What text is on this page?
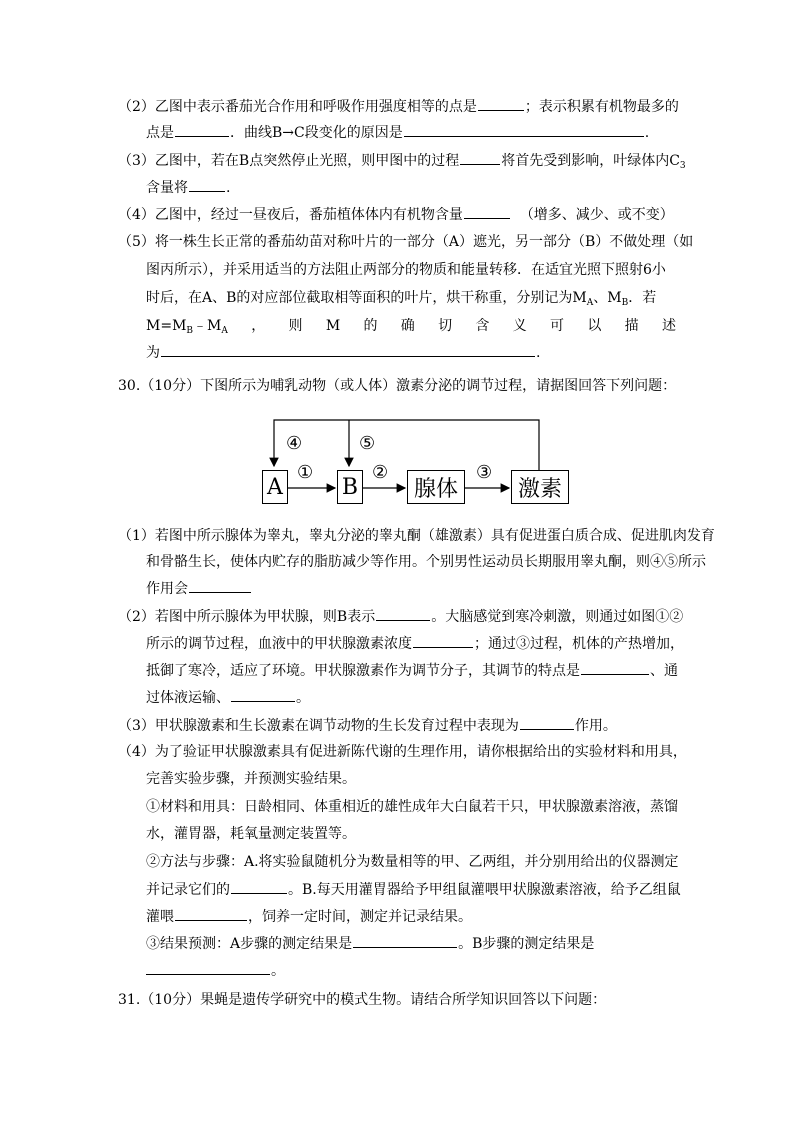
（2）乙图中表示番茄光合作用和呼吸作用强度相等的点是	；表示积累有机物最多的
点是	．曲线B→C段变化的原因是	.
（3）乙图中，若在B点突然停止光照，则甲图中的过程	将首先受到影响，叶绿体内$C_3$
含量将	.
（4）乙图中，经过一昼夜后，番茄植体体内有机物含量	（增多、减少、或不变）
（5）将一株生长正常的番茄幼苗对称叶片的一部分（A）遮光，另一部分（B）不做处理（如
图丙所示），并采用适当的方法阻止两部分的物质和能量转移．在适宜光照下照射6小
时后，在A、B的对应部位截取相等面积的叶片，烘干称重，分别记为$M_A$、$M_B$．若
$M=M_B﹣M_A$ ， 则 M 的 确 切 含 义 可 以 描 述
为	.
30.（10分）下图所示为哺乳动物（或人体）激素分泌的调节过程，请据图回答下列问题：
A	B	腺体	激素
①	②	③
④	⑤
（1）若图中所示腺体为睾丸，睾丸分泌的睾丸酮（雄激素）具有促进蛋白质合成、促进肌肉发育
和骨骼生长，使体内贮存的脂肪减少等作用。个别男性运动员长期服用睾丸酮，则④⑤所示
作用会
（2）若图中所示腺体为甲状腺，则B表示	。大脑感觉到寒冷刺激，则通过如图①②
所示的调节过程，血液中的甲状腺激素浓度	；通过③过程，机体的产热增加，
抵御了寒冷，适应了环境。甲状腺激素作为调节分子，其调节的特点是	、通
过体液运输、	。
（3）甲状腺激素和生长激素在调节动物的生长发育过程中表现为	作用。
（4）为了验证甲状腺激素具有促进新陈代谢的生理作用，请你根据给出的实验材料和用具，
完善实验步骤，并预测实验结果。
①材料和用具：日龄相同、体重相近的雄性成年大白鼠若干只，甲状腺激素溶液，蒸馏
水，灌胃器，耗氧量测定装置等。
②方法与步骤：A.将实验鼠随机分为数量相等的甲、乙两组，并分别用给出的仪器测定
并记录它们的	。B.每天用灌胃器给予甲组鼠灌喂甲状腺激素溶液，给予乙组鼠
灌喂	，饲养一定时间，测定并记录结果。
③结果预测：A步骤的测定结果是	。B步骤的测定结果是
。
31.（10分）果蝇是遗传学研究中的模式生物。请结合所学知识回答以下问题：
